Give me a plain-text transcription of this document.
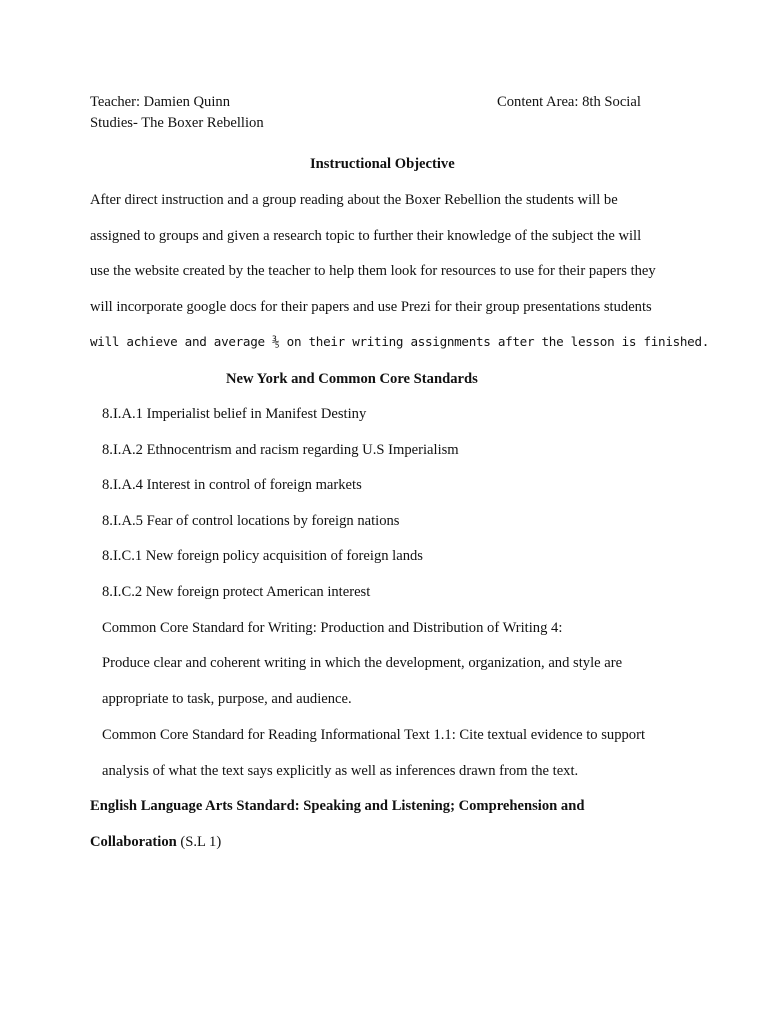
Teacher: Damien Quinn	Content Area: 8th Social
Studies- The Boxer Rebellion
Instructional Objective
After direct instruction and a group reading about the Boxer Rebellion the students will be
assigned to groups and given a research topic to further their knowledge of the subject the will
use the website created by the teacher to help them look for resources to use for their papers they
will incorporate google docs for their papers and use Prezi for their group presentations students
will achieve and average ⅗ on their writing assignments after the lesson is finished.
New York and Common Core Standards
8.I.A.1 Imperialist belief in Manifest Destiny
8.I.A.2 Ethnocentrism and racism regarding U.S Imperialism
8.I.A.4 Interest in control of foreign markets
8.I.A.5 Fear of control locations by foreign nations
8.I.C.1 New foreign policy acquisition of foreign lands
8.I.C.2 New foreign protect American interest
Common Core Standard for Writing: Production and Distribution of Writing 4:
Produce clear and coherent writing in which the development, organization, and style are
appropriate to task, purpose, and audience.
Common Core Standard for Reading Informational Text 1.1: Cite textual evidence to support
analysis of what the text says explicitly as well as inferences drawn from the text.
English Language Arts Standard: Speaking and Listening; Comprehension and
Collaboration (S.L 1)
